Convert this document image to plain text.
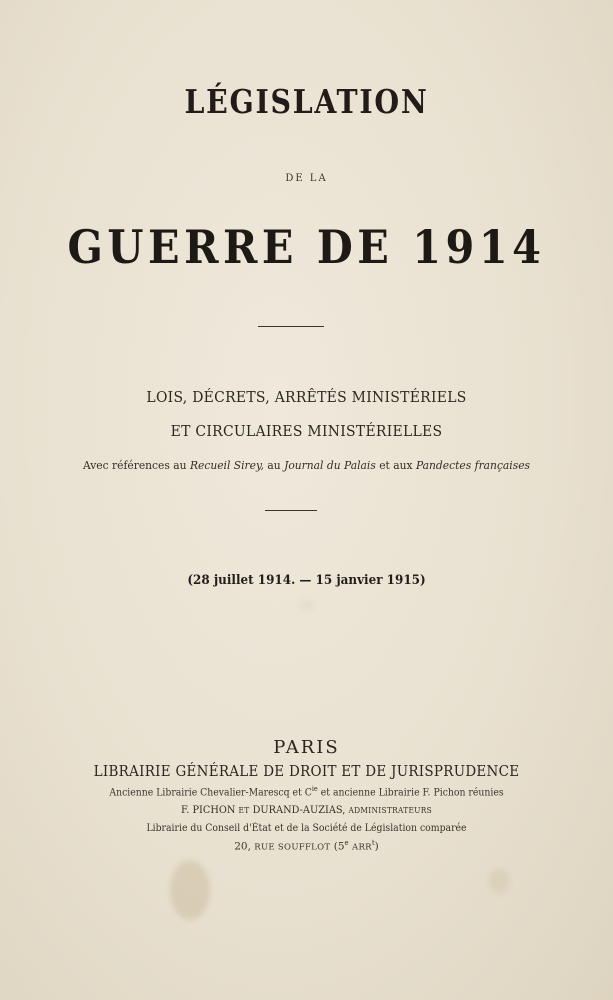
LÉGISLATION

DE LA

GUERRE DE 1914

LOIS, DÉCRETS, ARRÊTÉS MINISTÉRIELS

ET CIRCULAIRES MINISTÉRIELLES

Avec références au Recueil Sirey, au Journal du Palais et aux Pandectes françaises

(28 juillet 1914. — 15 janvier 1915)

PARIS

LIBRAIRIE GÉNÉRALE DE DROIT ET DE JURISPRUDENCE

Ancienne Librairie Chevalier-Marescq et $C^{ie}$ et ancienne Librairie F. Pichon réunies

F. PICHON ET DURAND-AUZIAS, ADMINISTRATEURS

Librairie du Conseil d'État et de la Société de Législation comparée

20, RUE SOUFFLOT (5e ARR$^t$)
